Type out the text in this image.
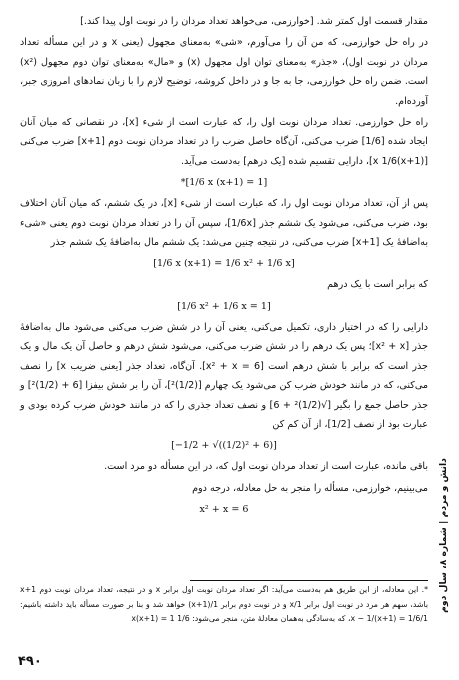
مقدار قسمت اول کمتر شد. [خوارزمی، می‌خواهد تعداد مردان را در نوبت اول پیدا کند.]

در راه حل خوارزمی، که من آن را می‌آورم، «شی» به‌معنای مجهول (یعنی x و در این مسأله تعداد مردان در نوبت اول)، «جذر» به‌معنای توان اول مجهول (x) و «مال» به‌معنای توان دوم مجهول (x²) است. ضمن راه حل خوارزمی، جا به جا و در داخل کروشه، توضیح لازم را با زبان نمادهای امروزی جبر، آورده‌ام.

راه حل خوارزمی. تعداد مردان نوبت اول را، که عبارت است از شیء [x]، در نقصانی که میان آنان ایجاد شده [1/6] ضرب می‌کنی، آن‌گاه حاصل ضرب را در تعداد مردان نوبت دوم [x+1] ضرب می‌کنی [(x+1)x 1/6]، دارایی تقسیم شده [یک درهم] به‌دست می‌آید.

*[1/6 x (x+1) = 1]

پس از آن، تعداد مردان نوبت اول را، که عبارت است از شیء [x]، در یک ششم، که میان آنان اختلاف بود، ضرب می‌کنی، می‌شود یک ششم جذر [1/6x]، سپس آن را در تعداد مردان نوبت دوم یعنی «شیء به‌اضافهٔ یک [x+1] ضرب می‌کنی، در نتیجه چنین می‌شد: یک ششم مال به‌اضافهٔ یک ششم جذر

[1/6 x (x+1) = 1/6 x² + 1/6 x]

که برابر است با یک درهم

[1/6 x² + 1/6 x = 1]

دارایی را که در اختیار داری، تکمیل می‌کنی، یعنی آن را در شش ضرب می‌کنی می‌شود مال به‌اضافهٔ جذر [x² + x]؛ پس یک درهم را در شش ضرب می‌کنی، می‌شود شش درهم و حاصل آن یک مال و یک جذر است که برابر با شش درهم است [x² + x = 6]. آن‌گاه، تعداد جذر [یعنی ضریب x] را نصف می‌کنی، که در مانند خودش ضرب کن می‌شود یک چهارم [(1/2)²]، آن را بر شش بیفزا [6 + (1/2)²] و جذر حاصل جمع را بگیر [√(1/2)² + 6] و نصف تعداد جذری را که در مانند خودش ضرب کرده بودی و عبارت بود از نصف [1/2]، از آن کم کن

[−1/2 + √((1/2)² + 6)]

باقی مانده، عبارت است از تعداد مردان نوبت اول که، در این مسأله دو مرد است.

می‌بینیم، خوارزمی، مسأله را منجر به حل معادله، درجه دوم

x² + x = 6
*. این معادله، از این طریق هم به‌دست می‌آید: اگر تعداد مردان نوبت اول برابر x و در نتیجه، تعداد مردان نوبت دوم x+1 باشد، سهم هر مرد در نوبت اول برابر 1/x و در نوبت دوم برابر 1/(x+1) خواهد شد و بنا بر صورت مسأله باید داشته باشیم: 1/x − 1/(x+1) = 1/6، که به‌سادگی به‌همان معادلهٔ متن، منجر می‌شود: 1/6 x(x+1) = 1
دانش و مردم | شماره ۸، سال دوم
۴۹۰
